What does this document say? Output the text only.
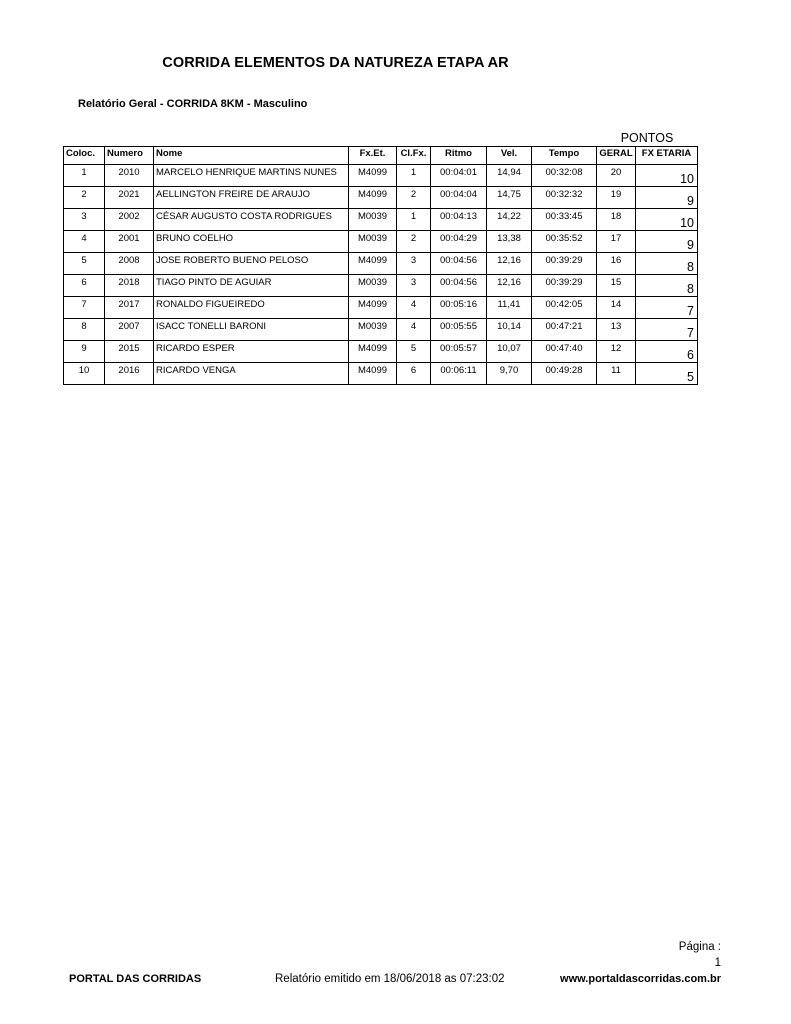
CORRIDA ELEMENTOS DA NATUREZA ETAPA AR
Relatório Geral - CORRIDA 8KM - Masculino
PONTOS
Coloc.	Numero	Nome	Fx.Et.	Cl.Fx.	Ritmo	Vel.	Tempo	GERAL	FX ETARIA
1	2010	MARCELO HENRIQUE MARTINS NUNES	M4099	1	00:04:01	14,94	00:32:08	20	10
2	2021	AELLINGTON FREIRE DE ARAUJO	M4099	2	00:04:04	14,75	00:32:32	19	9
3	2002	CÉSAR AUGUSTO COSTA RODRIGUES	M0039	1	00:04:13	14,22	00:33:45	18	10
4	2001	BRUNO COELHO	M0039	2	00:04:29	13,38	00:35:52	17	9
5	2008	JOSE ROBERTO BUENO PELOSO	M4099	3	00:04:56	12,16	00:39:29	16	8
6	2018	TIAGO PINTO DE AGUIAR	M0039	3	00:04:56	12,16	00:39:29	15	8
7	2017	RONALDO FIGUEIREDO	M4099	4	00:05:16	11,41	00:42:05	14	7
8	2007	ISACC TONELLI BARONI	M0039	4	00:05:55	10,14	00:47:21	13	7
9	2015	RICARDO ESPER	M4099	5	00:05:57	10,07	00:47:40	12	6
10	2016	RICARDO VENGA	M4099	6	00:06:11	9,70	00:49:28	11	5
Página :
1
PORTAL DAS CORRIDAS	Relatório emitido em 18/06/2018 as 07:23:02	www.portaldascorridas.com.br
